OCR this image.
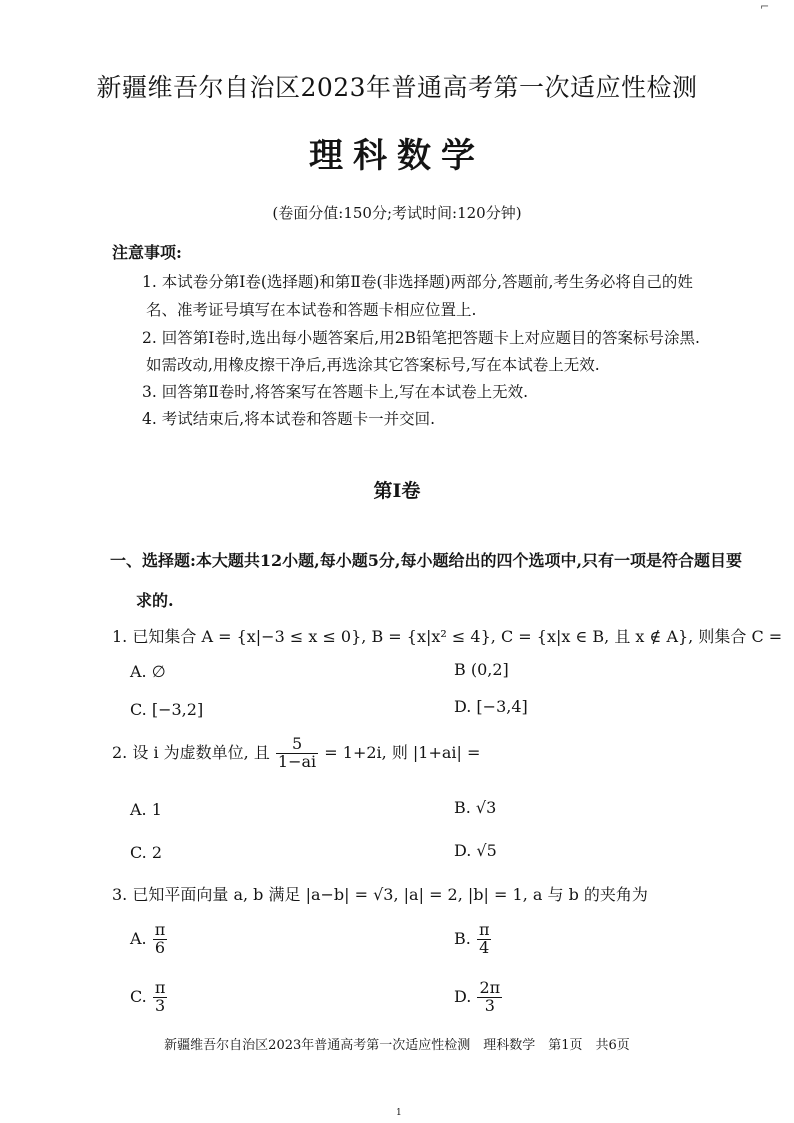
⌐
新疆维吾尔自治区2023年普通高考第一次适应性检测
理科数学
(卷面分值:150分;考试时间:120分钟)
注意事项:
1. 本试卷分第Ⅰ卷(选择题)和第Ⅱ卷(非选择题)两部分,答题前,考生务必将自己的姓
名、准考证号填写在本试卷和答题卡相应位置上.
2. 回答第Ⅰ卷时,选出每小题答案后,用2B铅笔把答题卡上对应题目的答案标号涂黑.
如需改动,用橡皮擦干净后,再选涂其它答案标号,写在本试卷上无效.
3. 回答第Ⅱ卷时,将答案写在答题卡上,写在本试卷上无效.
4. 考试结束后,将本试卷和答题卡一并交回.
第Ⅰ卷
一、选择题:本大题共12小题,每小题5分,每小题给出的四个选项中,只有一项是符合题目要
求的.
1. 已知集合 A = {x|−3 ≤ x ≤ 0}, B = {x|x² ≤ 4}, C = {x|x ∈ B, 且 x ∉ A}, 则集合 C =
A. ∅	B (0,2]
C. [−3,2]	D. [−3,4]
2. 设 i 为虚数单位, 且 $\frac{5}{1-ai} = 1+2i$, 则 |1+ai| =
A. 1	B. √3
C. 2	D. √5
3. 已知平面向量 a, b 满足 |a−b| = √3, |a| = 2, |b| = 1, a 与 b 的夹角为
A. $\frac{\pi}{6}$	B. $\frac{\pi}{4}$
C. $\frac{\pi}{3}$	D. $\frac{2\pi}{3}$
新疆维吾尔自治区2023年普通高考第一次适应性检测　理科数学　第1页　共6页
1
